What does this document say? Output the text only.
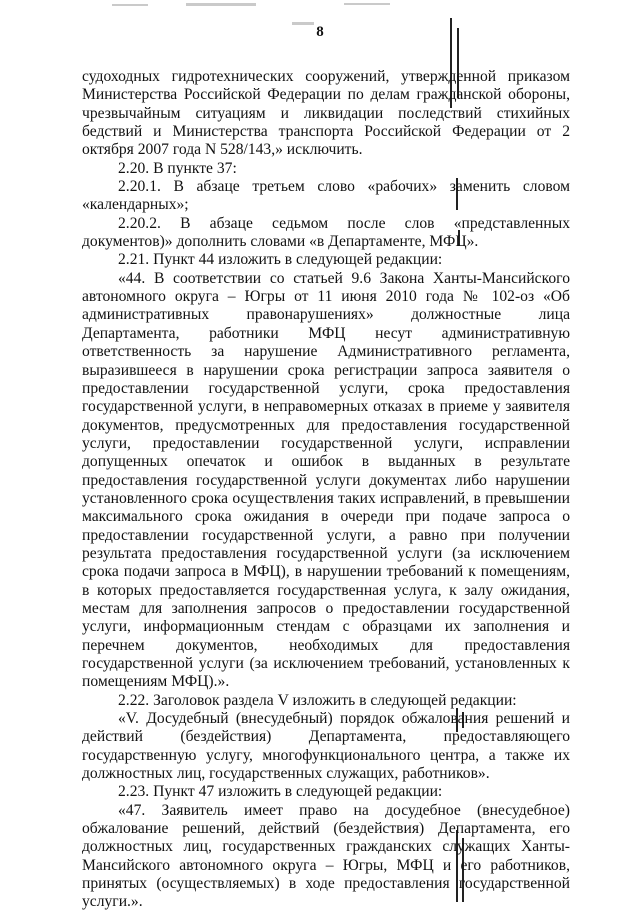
8

судоходных гидротехнических сооружений, утвержденной приказом Министерства Российской Федерации по делам гражданской обороны, чрезвычайным ситуациям и ликвидации последствий стихийных бедствий и Министерства транспорта Российской Федерации от 2 октября 2007 года N 528/143,» исключить.

2.20. В пункте 37:

2.20.1. В абзаце третьем слово «рабочих» заменить словом «календарных»;

2.20.2. В абзаце седьмом после слов «представленных документов)» дополнить словами «в Департаменте, МФЦ».

2.21. Пункт 44 изложить в следующей редакции:

«44. В соответствии со статьей 9.6 Закона Ханты-Мансийского автономного округа – Югры от 11 июня 2010 года № 102-оз «Об административных правонарушениях» должностные лица Департамента, работники МФЦ несут административную ответственность за нарушение Административного регламента, выразившееся в нарушении срока регистрации запроса заявителя о предоставлении государственной услуги, срока предоставления государственной услуги, в неправомерных отказах в приеме у заявителя документов, предусмотренных для предоставления государственной услуги, предоставлении государственной услуги, исправлении допущенных опечаток и ошибок в выданных в результате предоставления государственной услуги документах либо нарушении установленного срока осуществления таких исправлений, в превышении максимального срока ожидания в очереди при подаче запроса о предоставлении государственной услуги, а равно при получении результата предоставления государственной услуги (за исключением срока подачи запроса в МФЦ), в нарушении требований к помещениям, в которых предоставляется государственная услуга, к залу ожидания, местам для заполнения запросов о предоставлении государственной услуги, информационным стендам с образцами их заполнения и перечнем документов, необходимых для предоставления государственной услуги (за исключением требований, установленных к помещениям МФЦ).».

2.22. Заголовок раздела V изложить в следующей редакции:

«V. Досудебный (внесудебный) порядок обжалования решений и действий (бездействия) Департамента, предоставляющего государственную услугу, многофункционального центра, а также их должностных лиц, государственных служащих, работников».

2.23. Пункт 47 изложить в следующей редакции:

«47. Заявитель имеет право на досудебное (внесудебное) обжалование решений, действий (бездействия) Департамента, его должностных лиц, государственных гражданских служащих Ханты-Мансийского автономного округа – Югры, МФЦ и его работников, принятых (осуществляемых) в ходе предоставления государственной услуги.».
